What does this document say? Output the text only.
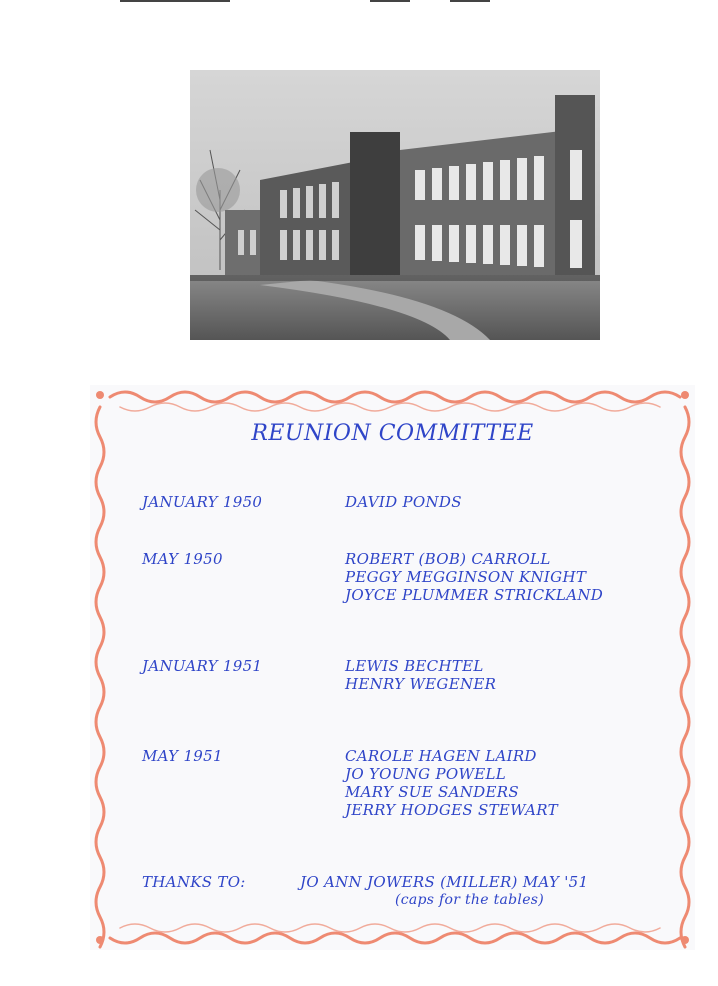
REUNION COMMITTEE
JANUARY 1950	DAVID PONDS
MAY 1950	ROBERT (BOB) CARROLL
PEGGY MEGGINSON KNIGHT
JOYCE PLUMMER STRICKLAND
JANUARY 1951	LEWIS BECHTEL
HENRY WEGENER
MAY 1951	CAROLE HAGEN LAIRD
JO YOUNG POWELL
MARY SUE SANDERS
JERRY HODGES STEWART
THANKS TO:	JO ANN JOWERS (MILLER) MAY '51
(caps for the tables)
